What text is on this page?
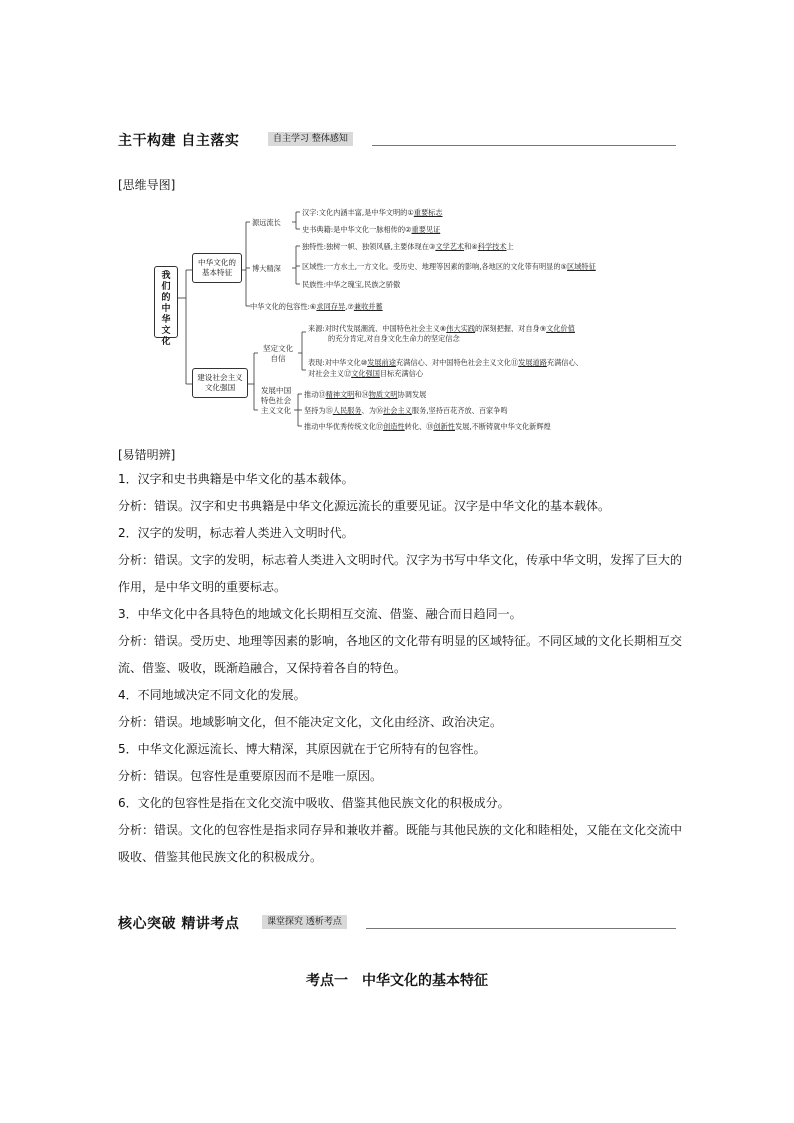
主干构建 自主落实	自主学习 整体感知
[思维导图]
我们的中华文化
中华文化的基本特征
建设社会主义文化强国
源远流长
博大精深
汉字:文化内涵丰富,是中华文明的①重要标志
史书典籍:是中华文化一脉相传的②重要见证
独特性:独树一帜、独领风骚,主要体现在③文学艺术和④科学技术上
区域性:一方水土,一方文化。受历史、地理等因素的影响,各地区的文化带有明显的⑤区域特征
民族性:中华之瑰宝,民族之骄傲
中华文化的包容性:⑥求同存异,⑦兼收并蓄
坚定文化自信
来源:对时代发展潮流、中国特色社会主义⑧伟大实践的深刻把握、对自身⑨文化价值
的充分肯定,对自身文化生命力的坚定信念
表现:对中华文化⑩发展前途充满信心、对中国特色社会主义文化⑪发展道路充满信心、
对社会主义⑫文化强国目标充满信心
发展中国特色社会主义文化
推动⑬精神文明和⑭物质文明协调发展
坚持为⑮人民服务、为⑯社会主义服务,坚持百花齐放、百家争鸣
推动中华优秀传统文化⑰创造性转化、⑱创新性发展,不断铸就中华文化新辉煌
[易错明辨]

1．汉字和史书典籍是中华文化的基本载体。

分析：错误。汉字和史书典籍是中华文化源远流长的重要见证。汉字是中华文化的基本载体。

2．汉字的发明，标志着人类进入文明时代。

分析：错误。文字的发明，标志着人类进入文明时代。汉字为书写中华文化，传承中华文明，发挥了巨大的作用，是中华文明的重要标志。

3．中华文化中各具特色的地域文化长期相互交流、借鉴、融合而日趋同一。

分析：错误。受历史、地理等因素的影响，各地区的文化带有明显的区域特征。不同区域的文化长期相互交流、借鉴、吸收，既渐趋融合，又保持着各自的特色。

4．不同地域决定不同文化的发展。

分析：错误。地域影响文化，但不能决定文化，文化由经济、政治决定。

5．中华文化源远流长、博大精深，其原因就在于它所特有的包容性。

分析：错误。包容性是重要原因而不是唯一原因。

6．文化的包容性是指在文化交流中吸收、借鉴其他民族文化的积极成分。

分析：错误。文化的包容性是指求同存异和兼收并蓄。既能与其他民族的文化和睦相处，又能在文化交流中吸收、借鉴其他民族文化的积极成分。

核心突破 精讲考点	课堂探究 透析考点
考点一　中华文化的基本特征
